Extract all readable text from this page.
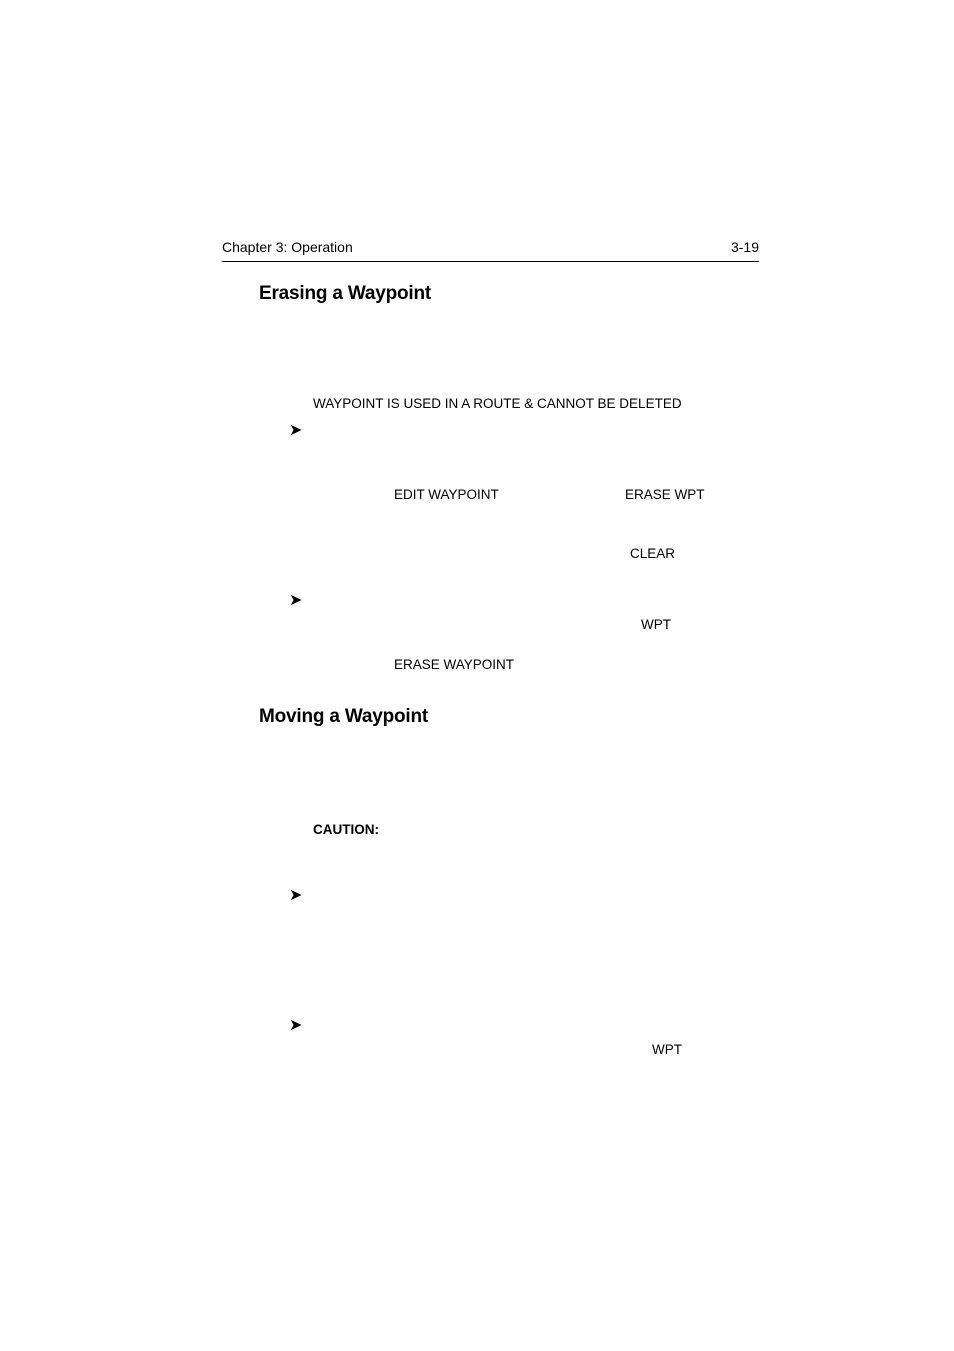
Chapter 3: Operation	3-19
Erasing a Waypoint
WAYPOINT IS USED IN A ROUTE & CANNOT BE DELETED
➤
EDIT WAYPOINT	ERASE WPT
CLEAR
➤
WPT
ERASE WAYPOINT
Moving a Waypoint
CAUTION:
➤
➤
WPT
